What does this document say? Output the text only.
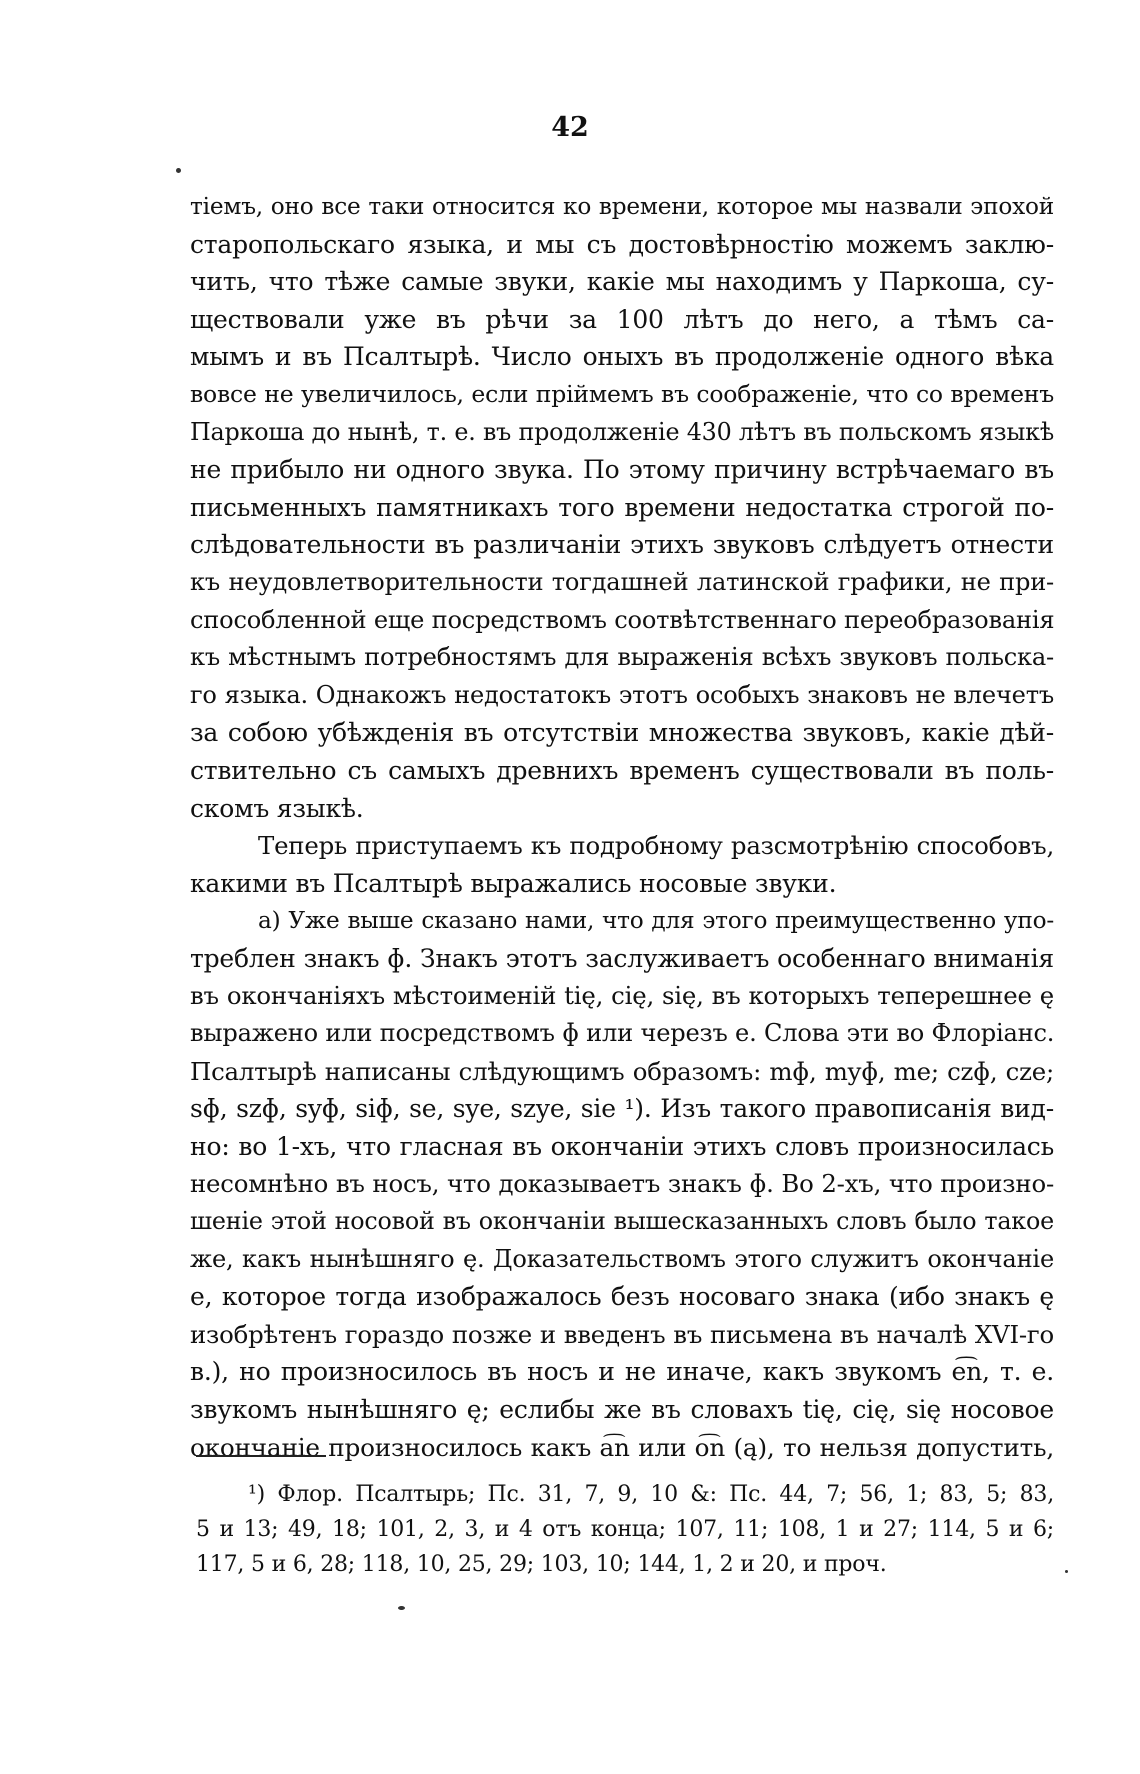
42
тіемъ, оно все таки относится ко времени, которое мы назвали эпохой
старопольскаго языка, и мы съ достовѣрностію можемъ заклю-
чить, что тѣже самые звуки, какіе мы находимъ у Паркоша, су-
ществовали уже въ рѣчи за 100 лѣтъ до него, а тѣмъ са-
мымъ и въ Псалтырѣ. Число оныхъ въ продолженіе одного вѣка
вовсе не увеличилось, если пріймемъ въ соображеніе, что со временъ
Паркоша до нынѣ, т. е. въ продолженіе 430 лѣтъ въ польскомъ языкѣ
не прибыло ни одного звука. По этому причину встрѣчаемаго въ
письменныхъ памятникахъ того времени недостатка строгой по-
слѣдовательности въ различаніи этихъ звуковъ слѣдуетъ отнести
къ неудовлетворительности тогдашней латинской графики, не при-
способленной еще посредствомъ соотвѣтственнаго переобразованія
къ мѣстнымъ потребностямъ для выраженія всѣхъ звуковъ польска-
го языка. Однакожъ недостатокъ этотъ особыхъ знаковъ не влечетъ
за собою убѣжденія въ отсутствіи множества звуковъ, какіе дѣй-
ствительно съ самыхъ древнихъ временъ существовали въ поль-
скомъ языкѣ.
Теперь приступаемъ къ подробному разсмотрѣнію способовъ,
какими въ Псалтырѣ выражались носовые звуки.
а) Уже выше сказано нами, что для этого преимущественно упо-
треблен знакъ ɸ. Знакъ этотъ заслуживаетъ особеннаго вниманія
въ окончаніяхъ мѣстоименій tię, cię, się, въ которыхъ теперешнее ę
выражено или посредствомъ ɸ или черезъ e. Слова эти во Флоріанс.
Псалтырѣ написаны слѣдующимъ образомъ: mɸ, myɸ, me; czɸ, cze;
sɸ, szɸ, syɸ, siɸ, se, sye, szye, sie ¹). Изъ такого правописанія вид-
но: во 1-хъ, что гласная въ окончаніи этихъ словъ произносилась
несомнѣно въ носъ, что доказываетъ знакъ ɸ. Во 2-хъ, что произно-
шеніе этой носовой въ окончаніи вышесказанныхъ словъ было такое
же, какъ нынѣшняго ę. Доказательствомъ этого служитъ окончаніе
e, которое тогда изображалось безъ носоваго знака (ибо знакъ ę
изобрѣтенъ гораздо позже и введенъ въ письмена въ началѣ XVI-го
в.), но произносилось въ носъ и не иначе, какъ звукомъ e͡n, т. е.
звукомъ нынѣшняго ę; еслибы же въ словахъ tię, cię, się носовое
окончаніе произносилось какъ a͡n или o͡n (ą), то нельзя допустить,
¹) Флор. Псалтырь; Пс. 31, 7, 9, 10 &: Пс. 44, 7; 56, 1; 83, 5; 83,
5 и 13; 49, 18; 101, 2, 3, и 4 отъ конца; 107, 11; 108, 1 и 27; 114, 5 и 6;
117, 5 и 6, 28; 118, 10, 25, 29; 103, 10; 144, 1, 2 и 20, и проч.
